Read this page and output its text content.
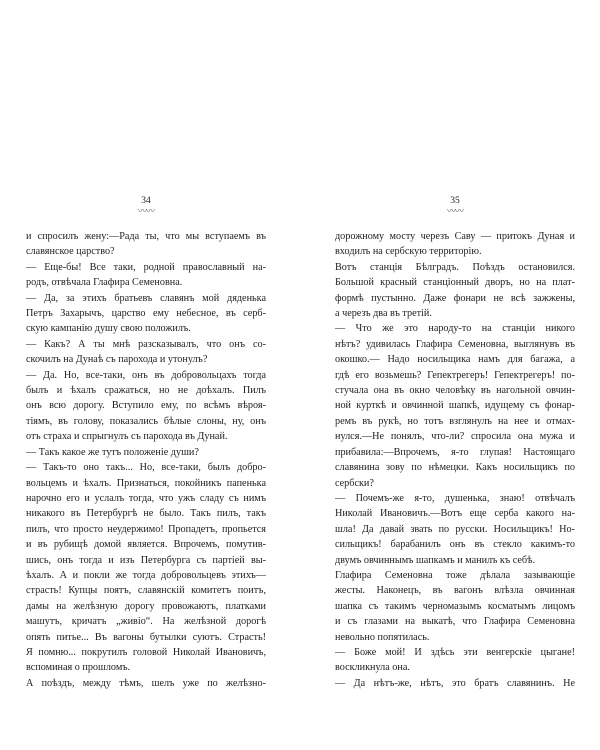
34
〰〰
и спросилъ жену:—Рада ты, что мы вступаемъ въ
славянское царство?
— Еще-бы! Все таки, родной православный на-
родъ, отвѣчала Глафира Семеновна.
— Да, за этихъ братьевъ славянъ мой дяденька
Петръ Захарычъ, царство ему небесное, въ серб-
скую кампанію душу свою положилъ.
— Какъ? А ты мнѣ разсказывалъ, что онъ со-
скочилъ на Дунаѣ съ парохода и утонулъ?
— Да. Но, все-таки, онъ въ добровольцахъ тогда
былъ и ѣхалъ сражаться, но не доѣхалъ. Пилъ
онъ всю дорогу. Вступило ему, по всѣмъ вѣроя-
тіямъ, въ голову, показались бѣлые слоны, ну, онъ
отъ страха и спрыгнулъ съ парохода въ Дунай.
— Такъ какое же тутъ положеніе души?
— Такъ-то оно такъ... Но, все-таки, былъ добро-
вольцемъ и ѣхалъ. Признаться, покойникъ папенька
нарочно его и услалъ тогда, что ужъ сладу съ нимъ
никакого въ Петербургѣ не было. Такъ пилъ, такъ
пилъ, что просто неудержимо! Пропадетъ, пропьется
и въ рубищѣ домой является. Впрочемъ, помутив-
шись, онъ тогда и изъ Петербурга съ партіей вы-
ѣхалъ. А и покли же тогда добровольцевъ этихъ—
страсть! Купцы поятъ, славянскій комитетъ поитъ,
дамы на желѣзную дорогу провожаютъ, платками
машутъ, кричатъ „живіо“. На желѣзной дорогѣ
опять питье... Въ вагоны бутылки суютъ. Страсть!
Я помню... покрутилъ головой Николай Ивановичъ,
вспоминая о прошломъ.
А поѣздъ, между тѣмъ, шелъ уже по желѣзно-
35
〰〰
дорожному мосту черезъ Саву — притокъ Дуная и
входилъ на сербскую территорію.
Вотъ станція Бѣлградъ. Поѣздъ остановился.
Большой красный станціонный дворъ, но на плат-
формѣ пустынно. Даже фонари не всѣ зажжены,
а черезъ два въ третій.
— Что же это народу-то на станціи никого
нѣтъ? удивилась Глафира Семеновна, выглянувъ въ
окошко.— Надо носильщика намъ для багажа, а
гдѣ его возьмешь? Гепектрегеръ! Гепектрегеръ! по-
стучала она въ окно человѣку въ нагольной овчин-
ной курткѣ и овчинной шапкѣ, идущему съ фонар-
ремъ въ рукѣ, но тотъ взглянулъ на нее и отмах-
нулся.—Не понялъ, что-ли? спросила она мужа и
прибавила:—Впрочемъ, я-то глупая! Настоящаго
славянина зову по нѣмецки. Какъ носильщикъ по
сербски?
— Почемъ-же я-то, душенька, знаю! отвѣчалъ
Николай Ивановичъ.—Вотъ еще серба какого на-
шла! Да давай звать по русски. Носильщикъ! Но-
сильщикъ! барабанилъ онъ въ стекло какимъ-то
двумъ овчиннымъ шапкамъ и манилъ къ себѣ.
Глафира Семеновна тоже дѣлала зазывающіе
жесты. Наконецъ, въ вагонъ влѣзла овчинная
шапка съ такимъ черномазымъ косматымъ лицомъ
и съ глазами на выкатѣ, что Глафира Семеновна
невольно попятилась.
— Боже мой! И здѣсь эти венгерскіе цыгане!
воскликнула она.
— Да нѣтъ-же, нѣтъ, это братъ славянинъ. Не
